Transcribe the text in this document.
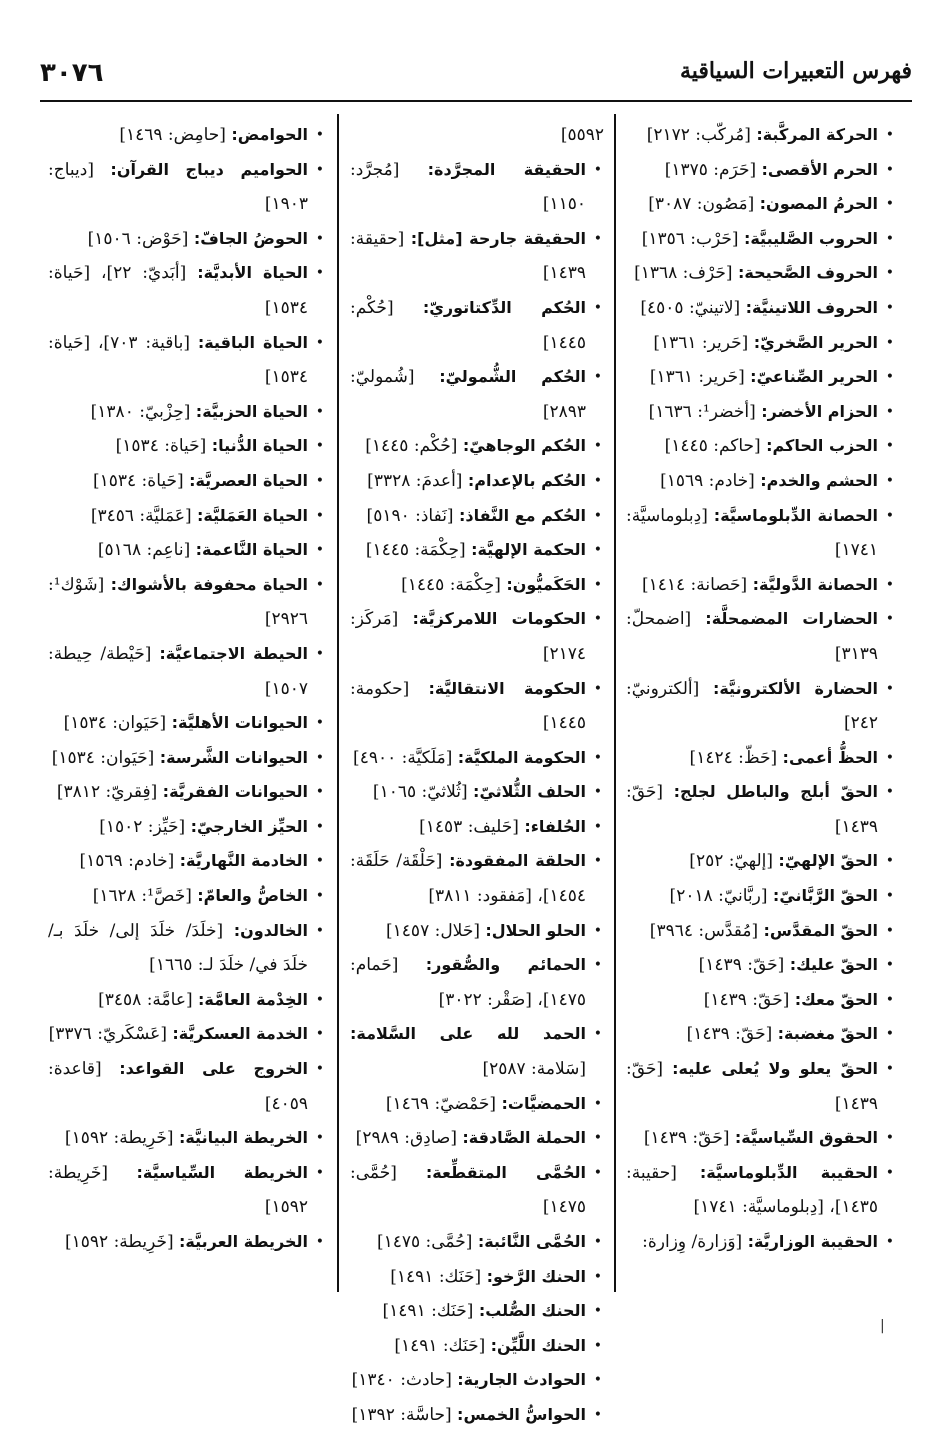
٣٠٧٦	فهرس التعبيرات السياقية
•
الحركة المركَّبة: [مُركّب: ٢١٧٢]
•
الحرم الأقصى: [حَرَم: ١٣٧٥]
•
الحرمُ المصون: [مَصُون: ٣٠٨٧]
•
الحروب الصَّليبيَّة: [حَرْب: ١٣٥٦]
•
الحروف الصَّحيحة: [حَرْف: ١٣٦٨]
•
الحروف اللاتينيَّة: [لاتينيّ: ٤٥٠٥]
•
الحرير الصَّخريّ: [حَرير: ١٣٦١]
•
الحرير الصِّناعيّ: [حَرير: ١٣٦١]
•
الحزام الأخضر: [أخضر¹: ١٦٣٦]
•
الحزب الحاكم: [حاكم: ١٤٤٥]
•
الحشم والخدم: [خادم: ١٥٦٩]
•
الحصانة الدِّبلوماسيَّة: [دِبلوماسيَّة: ١٧٤١]
•
الحصانة الدَّوليَّة: [حَصانة: ١٤١٤]
•
الحضارات المضمحلَّة: [اضمحلّ: ٣١٣٩]
•
الحضارة الألكترونيَّة: [ألكترونيّ: ٢٤٢]
•
الحظُّ أعمى: [حَظّ: ١٤٢٤]
•
الحقّ أبلج والباطل لجلج: [حَقّ: ١٤٣٩]
•
الحقّ الإلهيّ: [إلهيّ: ٢٥٢]
•
الحقّ الرَّبَّانيّ: [ربَّانيّ: ٢٠١٨]
•
الحقّ المقدَّس: [مُقدَّس: ٣٩٦٤]
•
الحقّ عليك: [حَقّ: ١٤٣٩]
•
الحقّ معك: [حَقّ: ١٤٣٩]
•
الحقّ مغضبة: [حَقّ: ١٤٣٩]
•
الحقّ يعلو ولا يُعلى عليه: [حَقّ: ١٤٣٩]
•
الحقوق السِّياسيَّة: [حَقّ: ١٤٣٩]
•
الحقيبة الدِّبلوماسيَّة: [حقيبة: ١٤٣٥]، [دِبلوماسيَّة: ١٧٤١]
•
الحقيبة الوزاريَّة: [وَزارة/ وِزارة:
٥٥٩٢]
•
الحقيقة المجرَّدة: [مُجرَّد: ١١٥٠]
•
الحقيقة جارحة [مثل]: [حقيقة: ١٤٣٩]
•
الحُكم الدِّكتاتوريّ: [حُكْم: ١٤٤٥]
•
الحُكم الشُّموليّ: [شُموليّ: ٢٨٩٣]
•
الحُكم الوجاهيّ: [حُكْم: ١٤٤٥]
•
الحُكم بالإعدام: [أعدمَ: ٣٣٢٨]
•
الحُكم مع النَّفاذ: [نَفاذ: ٥١٩٠]
•
الحكمة الإلهيَّة: [حِكْمَة: ١٤٤٥]
•
الحَكَميُّون: [حِكْمَة: ١٤٤٥]
•
الحكومات اللامركزيَّة: [مَركَز: ٢١٧٤]
•
الحكومة الانتقاليَّة: [حكومة: ١٤٤٥]
•
الحكومة الملكيَّة: [مَلَكيَّة: ٤٩٠٠]
•
الحلف الثُّلاثيّ: [ثُلاثيّ: ١٠٦٥]
•
الحُلفاء: [حَليف: ١٤٥٣]
•
الحلقة المفقودة: [حَلْقَة/ حَلَقَة: ١٤٥٤]، [مَفقود: ٣٨١١]
•
الحلو الحلال: [حَلال: ١٤٥٧]
•
الحمائم والصُّقور: [حَمام: ١٤٧٥]، [صَقْر: ٣٠٢٢]
•
الحمد لله على السَّلامة: [سَلامة: ٢٥٨٧]
•
الحمضيَّات: [حَمْضيّ: ١٤٦٩]
•
الحملة الصَّادقة: [صادِق: ٢٩٨٩]
•
الحُمَّى المتقطِّعة: [حُمَّى: ١٤٧٥]
•
الحُمَّى النَّائبة: [حُمَّى: ١٤٧٥]
•
الحنك الرَّخو: [حَنَك: ١٤٩١]
•
الحنك الصُّلب: [حَنَك: ١٤٩١]
•
الحنك اللَّيِّن: [حَنَك: ١٤٩١]
•
الحوادث الجارية: [حادث: ١٣٤٠]
•
الحواسُّ الخمس: [حاسَّة: ١٣٩٢]
•
الحوامض: [حامِض: ١٤٦٩]
•
الحواميم ديباج القرآن: [ديباج: ١٩٠٣]
•
الحوضُ الجافّ: [حَوْض: ١٥٠٦]
•
الحياة الأبديَّة: [أبَديّ: ٢٢]، [حَياة: ١٥٣٤]
•
الحياة الباقية: [باقية: ٧٠٣]، [حَياة: ١٥٣٤]
•
الحياة الحزبيَّة: [حِزْبيّ: ١٣٨٠]
•
الحياة الدُّنيا: [حَياة: ١٥٣٤]
•
الحياة العصريَّة: [حَياة: ١٥٣٤]
•
الحياة العَمَليَّة: [عَمَليَّة: ٣٤٥٦]
•
الحياة النَّاعمة: [ناعِم: ٥١٦٨]
•
الحياة محفوفة بالأشواك: [شَوْك¹: ٢٩٢٦]
•
الحيطة الاجتماعيَّة: [حَيْطة/ حِيطة: ١٥٠٧]
•
الحيوانات الأهليَّة: [حَيَوان: ١٥٣٤]
•
الحيوانات الشَّرسة: [حَيَوان: ١٥٣٤]
•
الحيوانات الفقريَّة: [فِقريّ: ٣٨١٢]
•
الحيِّز الخارجيّ: [حَيِّز: ١٥٠٢]
•
الخادمة النَّهاريَّة: [خادم: ١٥٦٩]
•
الخاصُّ والعامّ: [خَصَّ¹: ١٦٢٨]
•
الخالدون: [خلَدَ/ خلَدَ إلى/ خلَدَ بـ/ خلَدَ في/ خلَدَ لـ: ١٦٦٥]
•
الخِدْمة العامَّة: [عامَّة: ٣٤٥٨]
•
الخدمة العسكريَّة: [عَسْكَريّ: ٣٣٧٦]
•
الخروج على القواعد: [قاعدة: ٤٠٥٩]
•
الخريطة البيانيَّة: [خَرِيطة: ١٥٩٢]
•
الخريطة السِّياسيَّة: [خَرِيطة: ١٥٩٢]
•
الخريطة العربيَّة: [خَرِيطة: ١٥٩٢]
|
